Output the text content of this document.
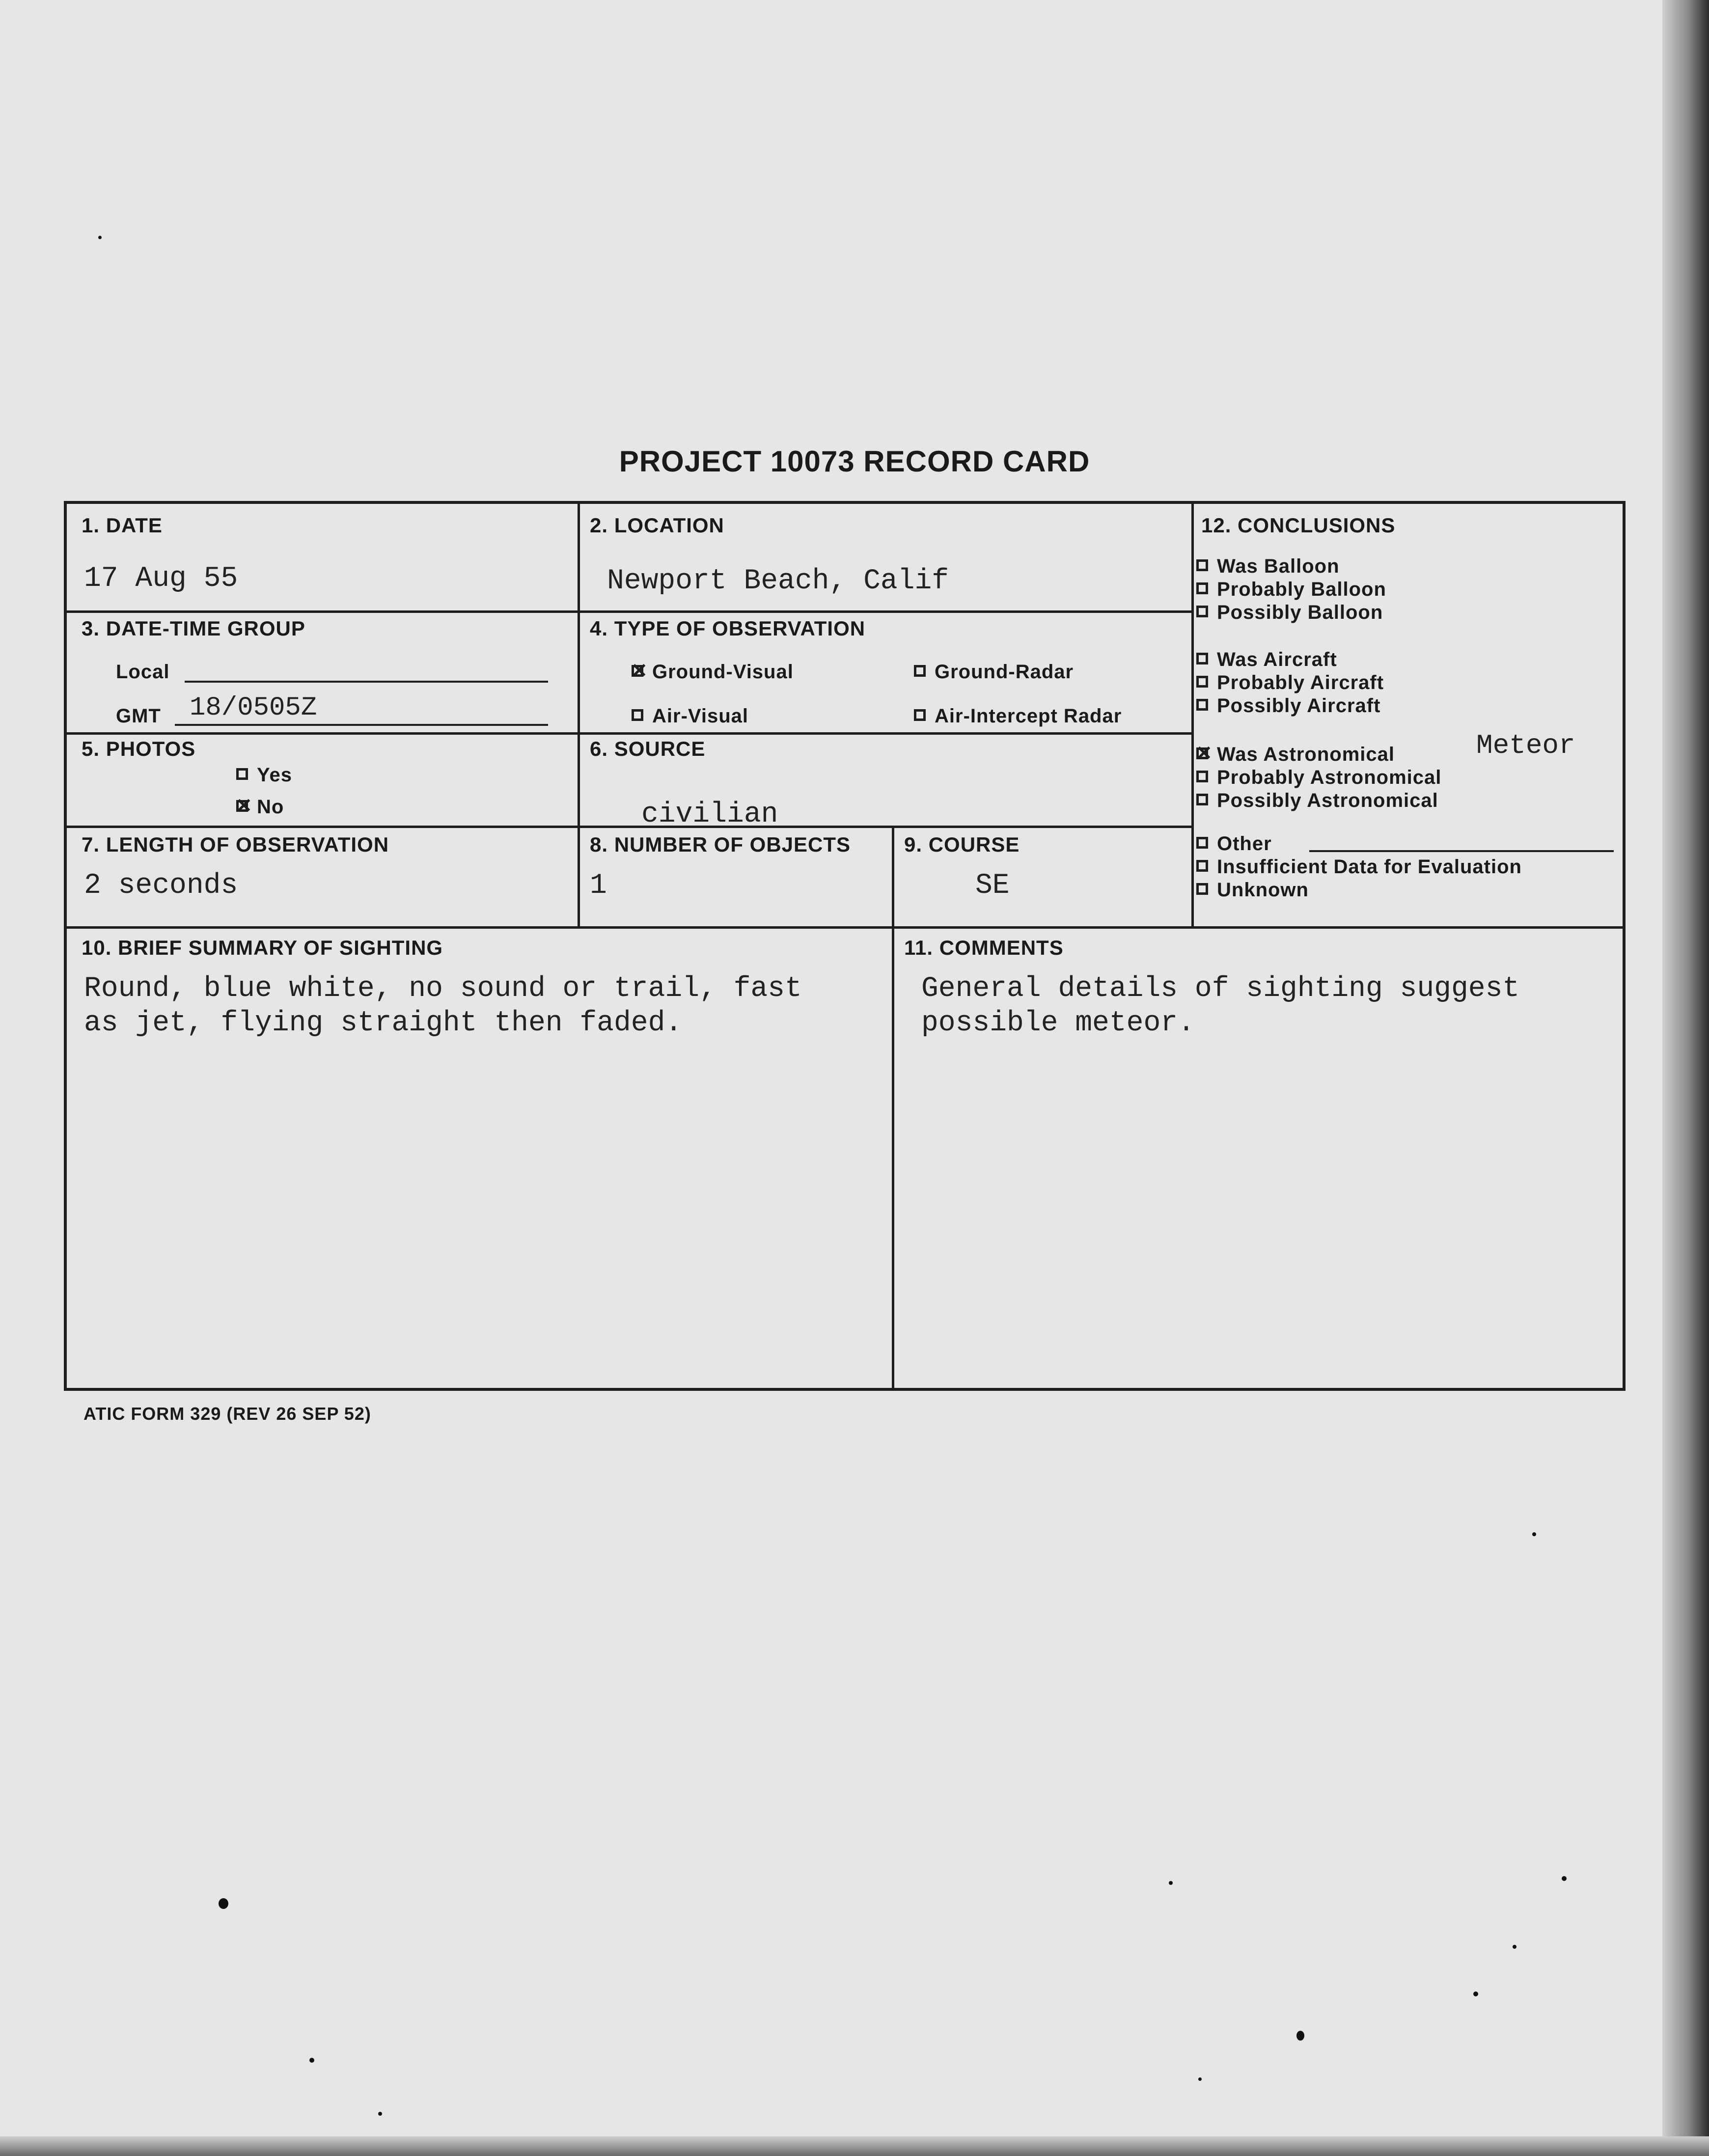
PROJECT 10073 RECORD CARD
1. DATE
17 Aug 55
2. LOCATION
Newport Beach, Calif
3. DATE-TIME GROUP
Local
GMT 18/0505Z
4. TYPE OF OBSERVATION
✕Ground-Visual	Ground-Radar
Air-Visual	Air-Intercept Radar
5. PHOTOS
Yes
✕No
6. SOURCE
civilian
7. LENGTH OF OBSERVATION
2 seconds
8. NUMBER OF OBJECTS
1
9. COURSE
SE
12. CONCLUSIONS
Was Balloon
Probably Balloon
Possibly Balloon
Was Aircraft
Probably Aircraft
Possibly Aircraft
✕Was Astronomical	Meteor
Probably Astronomical
Possibly Astronomical
Other
Insufficient Data for Evaluation
Unknown
10. BRIEF SUMMARY OF SIGHTING
Round, blue white, no sound or trail, fast
as jet, flying straight then faded.
11. COMMENTS
General details of sighting suggest
possible meteor.
ATIC FORM 329 (REV 26 SEP 52)
